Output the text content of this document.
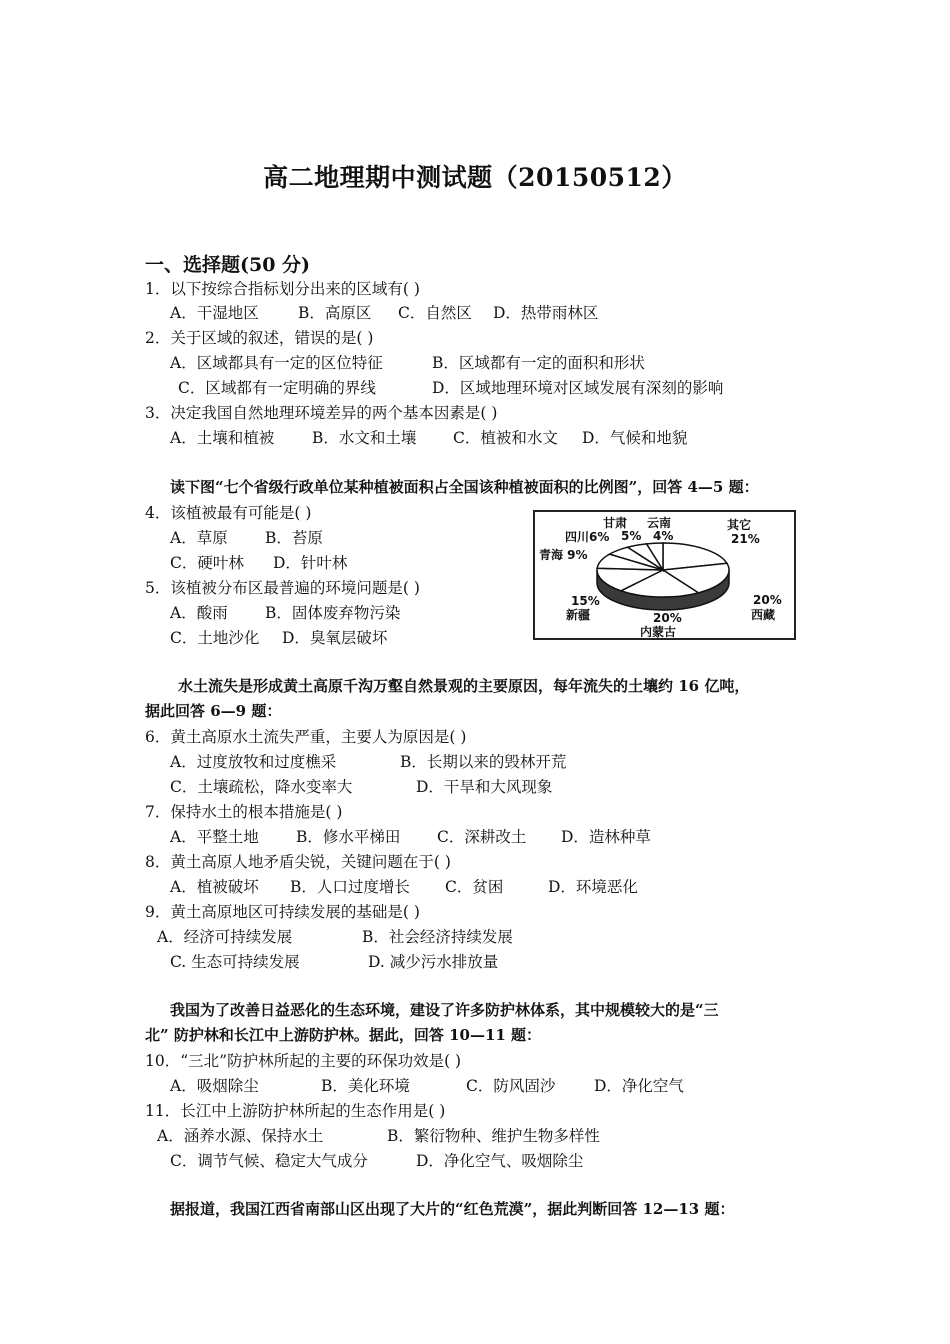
高二地理期中测试题（20150512）
一、选择题(50 分)
1．以下按综合指标划分出来的区域有( )
A．干湿地区	B．高原区 C．自然区 D．热带雨林区
2．关于区域的叙述，错误的是( )
A．区域都具有一定的区位特征	B．区域都有一定的面积和形状
C．区域都有一定明确的界线	D．区域地理环境对区域发展有深刻的影响
3．决定我国自然地理环境差异的两个基本因素是( )
A．土壤和植被 B．水文和土壤 C．植被和水文 D．气候和地貌
读下图“七个省级行政单位某种植被面积占全国该种植被面积的比例图”，回答 4—5 题：
4．该植被最有可能是( )
A．草原 B．苔原
C．硬叶林 D．针叶林
5．该植被分布区最普遍的环境问题是( )
A．酸雨 B．固体废弃物污染
C．土地沙化 D．臭氧层破坏
甘肃 云南	其它
5% 4%
四川6%	21%
青海 9%
15%
新疆	20%
内蒙古
20%
西藏
水土流失是形成黄土高原千沟万壑自然景观的主要原因，每年流失的土壤约 16 亿吨，
据此回答 6—9 题：
6．黄土高原水土流失严重，主要人为原因是( )
A．过度放牧和过度樵采	B．长期以来的毁林开荒
C．土壤疏松，降水变率大	D．干旱和大风现象
7．保持水土的根本措施是( )
A．平整土地 B．修水平梯田 C．深耕改土 D．造林种草
8．黄土高原人地矛盾尖锐，关键问题在于( )
A．植被破坏 B．人口过度增长 C．贫困	D．环境恶化
9．黄土高原地区可持续发展的基础是( )
A．经济可持续发展	B．社会经济持续发展
C. 生态可持续发展	D. 减少污水排放量
我国为了改善日益恶化的生态环境，建设了许多防护林体系，其中规模较大的是“三
北” 防护林和长江中上游防护林。据此，回答 10—11 题：
10．“三北”防护林所起的主要的环保功效是( )
A．吸烟除尘	B．美化环境	C．防风固沙 D．净化空气
11．长江中上游防护林所起的生态作用是( )
A．涵养水源、保持水土	B．繁衍物种、维护生物多样性
C．调节气候、稳定大气成分	D．净化空气、吸烟除尘
据报道，我国江西省南部山区出现了大片的“红色荒漠”，据此判断回答 12—13 题：
